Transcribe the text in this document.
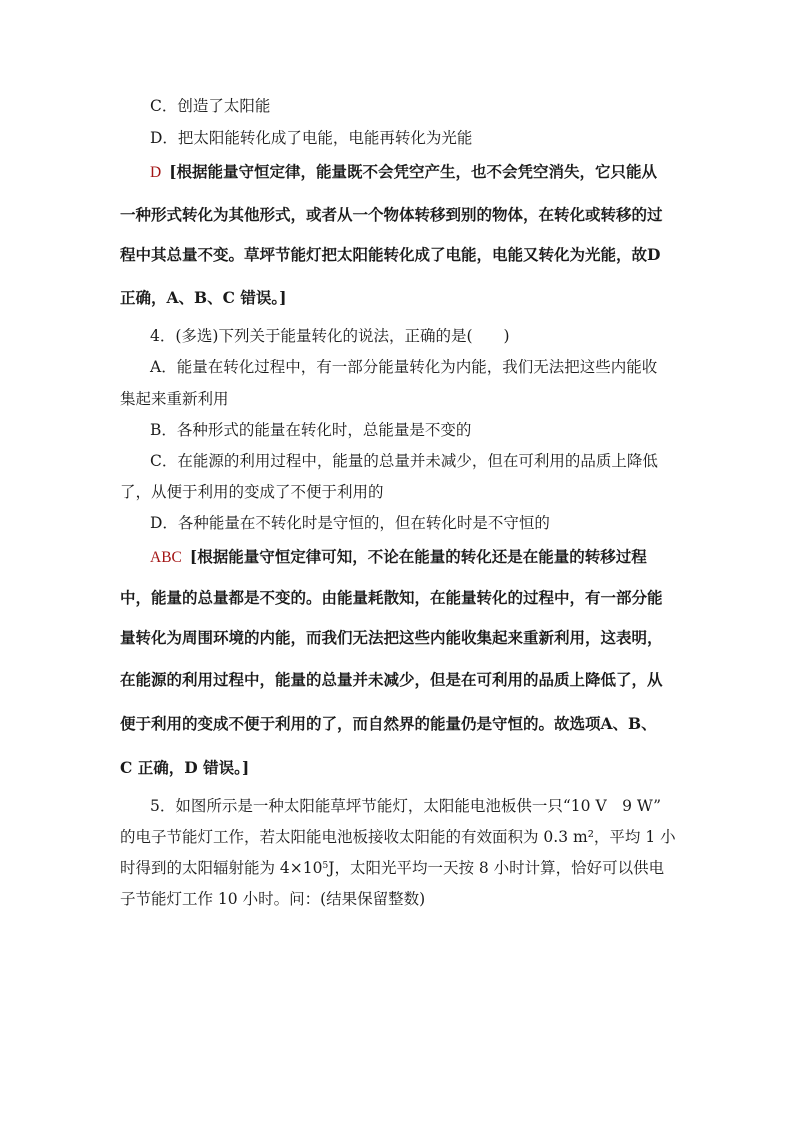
C．创造了太阳能
D．把太阳能转化成了电能，电能再转化为光能
D [根据能量守恒定律，能量既不会凭空产生，也不会凭空消失，它只能从
一种形式转化为其他形式，或者从一个物体转移到别的物体，在转化或转移的过
程中其总量不变。草坪节能灯把太阳能转化成了电能，电能又转化为光能，故D
正确，A、B、C 错误。]
4．(多选)下列关于能量转化的说法，正确的是(　　)
A．能量在转化过程中，有一部分能量转化为内能，我们无法把这些内能收
集起来重新利用
B．各种形式的能量在转化时，总能量是不变的
C．在能源的利用过程中，能量的总量并未减少，但在可利用的品质上降低
了，从便于利用的变成了不便于利用的
D．各种能量在不转化时是守恒的，但在转化时是不守恒的
ABC [根据能量守恒定律可知，不论在能量的转化还是在能量的转移过程
中，能量的总量都是不变的。由能量耗散知，在能量转化的过程中，有一部分能
量转化为周围环境的内能，而我们无法把这些内能收集起来重新利用，这表明，
在能源的利用过程中，能量的总量并未减少，但是在可利用的品质上降低了，从
便于利用的变成不便于利用的了，而自然界的能量仍是守恒的。故选项A、B、
C 正确，D 错误。]
5．如图所示是一种太阳能草坪节能灯，太阳能电池板供一只“10 V　9 W”
的电子节能灯工作，若太阳能电池板接收太阳能的有效面积为 0.3 m²，平均 1 小
时得到的太阳辐射能为 $4\times 10^5J$，太阳光平均一天按 8 小时计算，恰好可以供电
子节能灯工作 10 小时。问：(结果保留整数)
